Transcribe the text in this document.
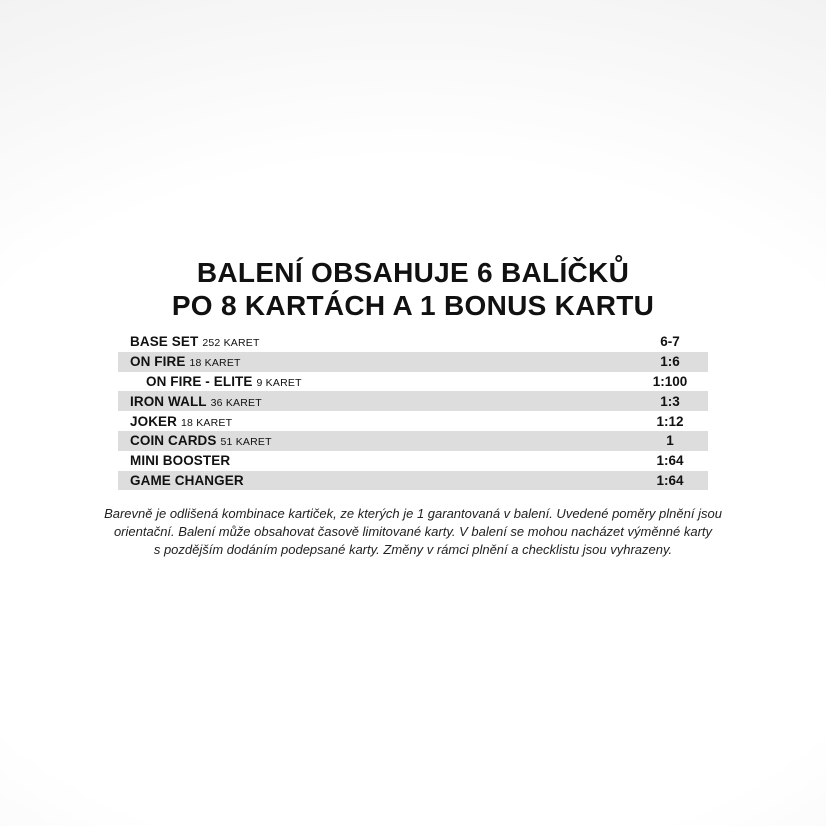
BALENÍ OBSAHUJE 6 BALÍČKŮ
PO 8 KARTÁCH A 1 BONUS KARTU
BASE SET 252 KARET	6-7
ON FIRE 18 KARET	1:6
ON FIRE - ELITE 9 KARET	1:100
IRON WALL 36 KARET	1:3
JOKER 18 KARET	1:12
COIN CARDS 51 KARET	1
MINI BOOSTER	1:64
GAME CHANGER	1:64
Barevně je odlišená kombinace kartiček, ze kterých je 1 garantovaná v balení. Uvedené poměry plnění jsou
orientační. Balení může obsahovat časově limitované karty. V balení se mohou nacházet výměnné karty
s pozdějším dodáním podepsané karty. Změny v rámci plnění a checklistu jsou vyhrazeny.
